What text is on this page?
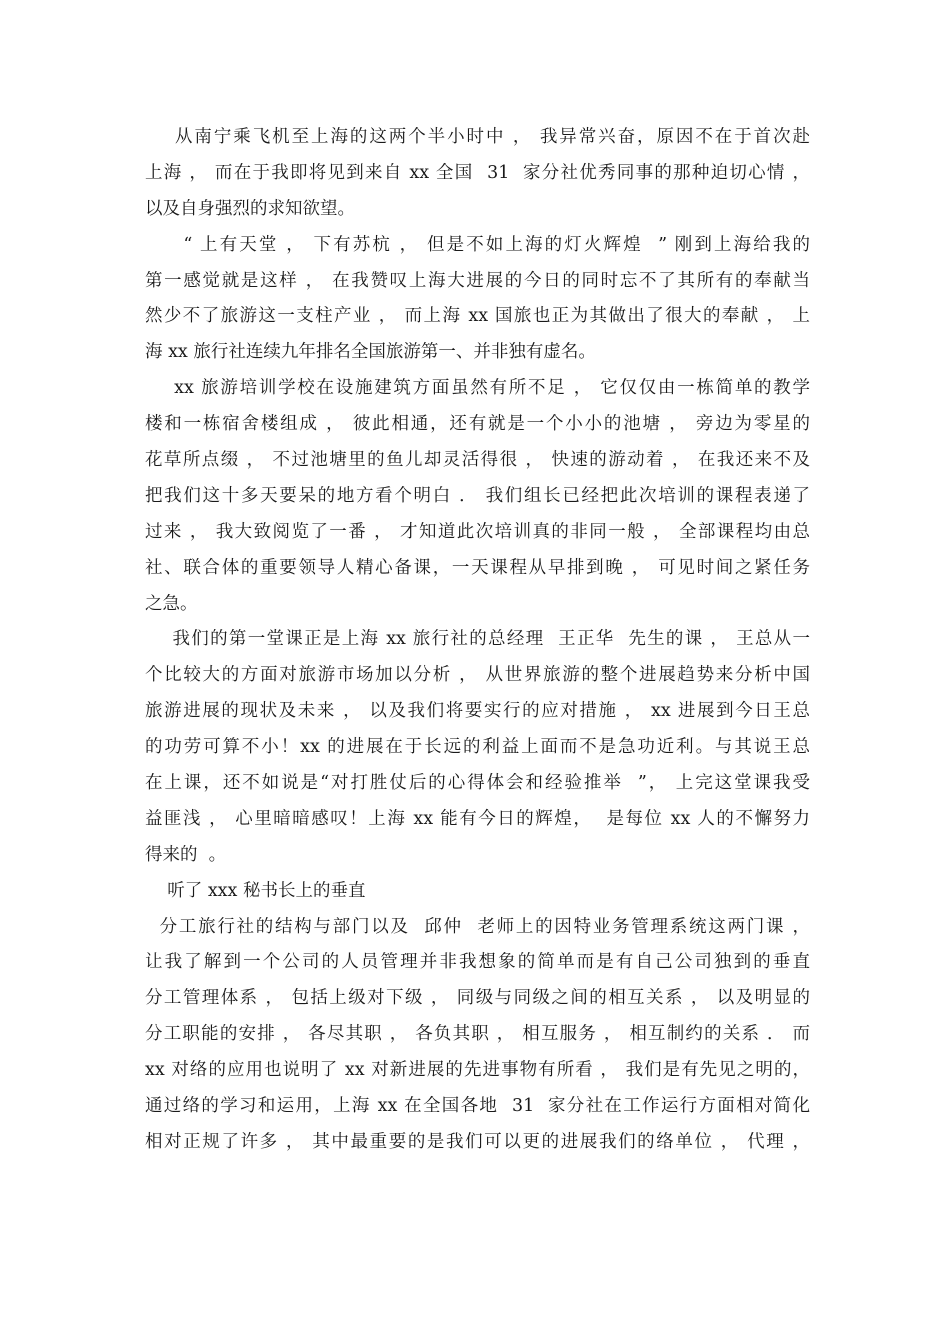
从南宁乘飞机至上海的这两个半小时中 ， 我异常兴奋，原因不在于首次赴
上海 ， 而在于我即将见到来自 xx 全国  31  家分社优秀同事的那种迫切心情 ，
以及自身强烈的求知欲望。
“ 上有天堂 ， 下有苏杭 ， 但是不如上海的灯火辉煌  ” 刚到上海给我的
第一感觉就是这样 ， 在我赞叹上海大进展的今日的同时忘不了其所有的奉献当
然少不了旅游这一支柱产业 ， 而上海 xx 国旅也正为其做出了很大的奉献 ， 上
海 xx 旅行社连续九年排名全国旅游第一、并非独有虚名。
xx 旅游培训学校在设施建筑方面虽然有所不足 ， 它仅仅由一栋简单的教学
楼和一栋宿舍楼组成 ， 彼此相通，还有就是一个小小的池塘 ， 旁边为零星的
花草所点缀 ， 不过池塘里的鱼儿却灵活得很 ， 快速的游动着 ， 在我还来不及
把我们这十多天要呆的地方看个明白 ． 我们组长已经把此次培训的课程表递了
过来 ， 我大致阅览了一番 ， 才知道此次培训真的非同一般 ， 全部课程均由总
社、联合体的重要领导人精心备课，一天课程从早排到晚 ， 可见时间之紧任务
之急。
我们的第一堂课正是上海 xx 旅行社的总经理  王正华  先生的课 ， 王总从一
个比较大的方面对旅游市场加以分析 ， 从世界旅游的整个进展趋势来分析中国
旅游进展的现状及未来 ， 以及我们将要实行的应对措施 ， xx 进展到今日王总
的功劳可算不小！xx 的进展在于长远的利益上面而不是急功近利。与其说王总
在上课，还不如说是“对打胜仗后的心得体会和经验推举  ”， 上完这堂课我受
益匪浅 ， 心里暗暗感叹！上海 xx 能有今日的辉煌，  是每位 xx 人的不懈努力
得来的  。
听了 xxx 秘书长上的垂直
分工旅行社的结构与部门以及  邱仲  老师上的因特业务管理系统这两门课 ，
让我了解到一个公司的人员管理并非我想象的简单而是有自己公司独到的垂直
分工管理体系 ， 包括上级对下级 ， 同级与同级之间的相互关系 ， 以及明显的
分工职能的安排 ， 各尽其职 ， 各负其职 ， 相互服务 ， 相互制约的关系 ． 而
xx 对络的应用也说明了 xx 对新进展的先进事物有所看 ， 我们是有先见之明的，
通过络的学习和运用，上海 xx 在全国各地  31  家分社在工作运行方面相对简化
相对正规了许多 ， 其中最重要的是我们可以更的进展我们的络单位 ， 代理 ，
